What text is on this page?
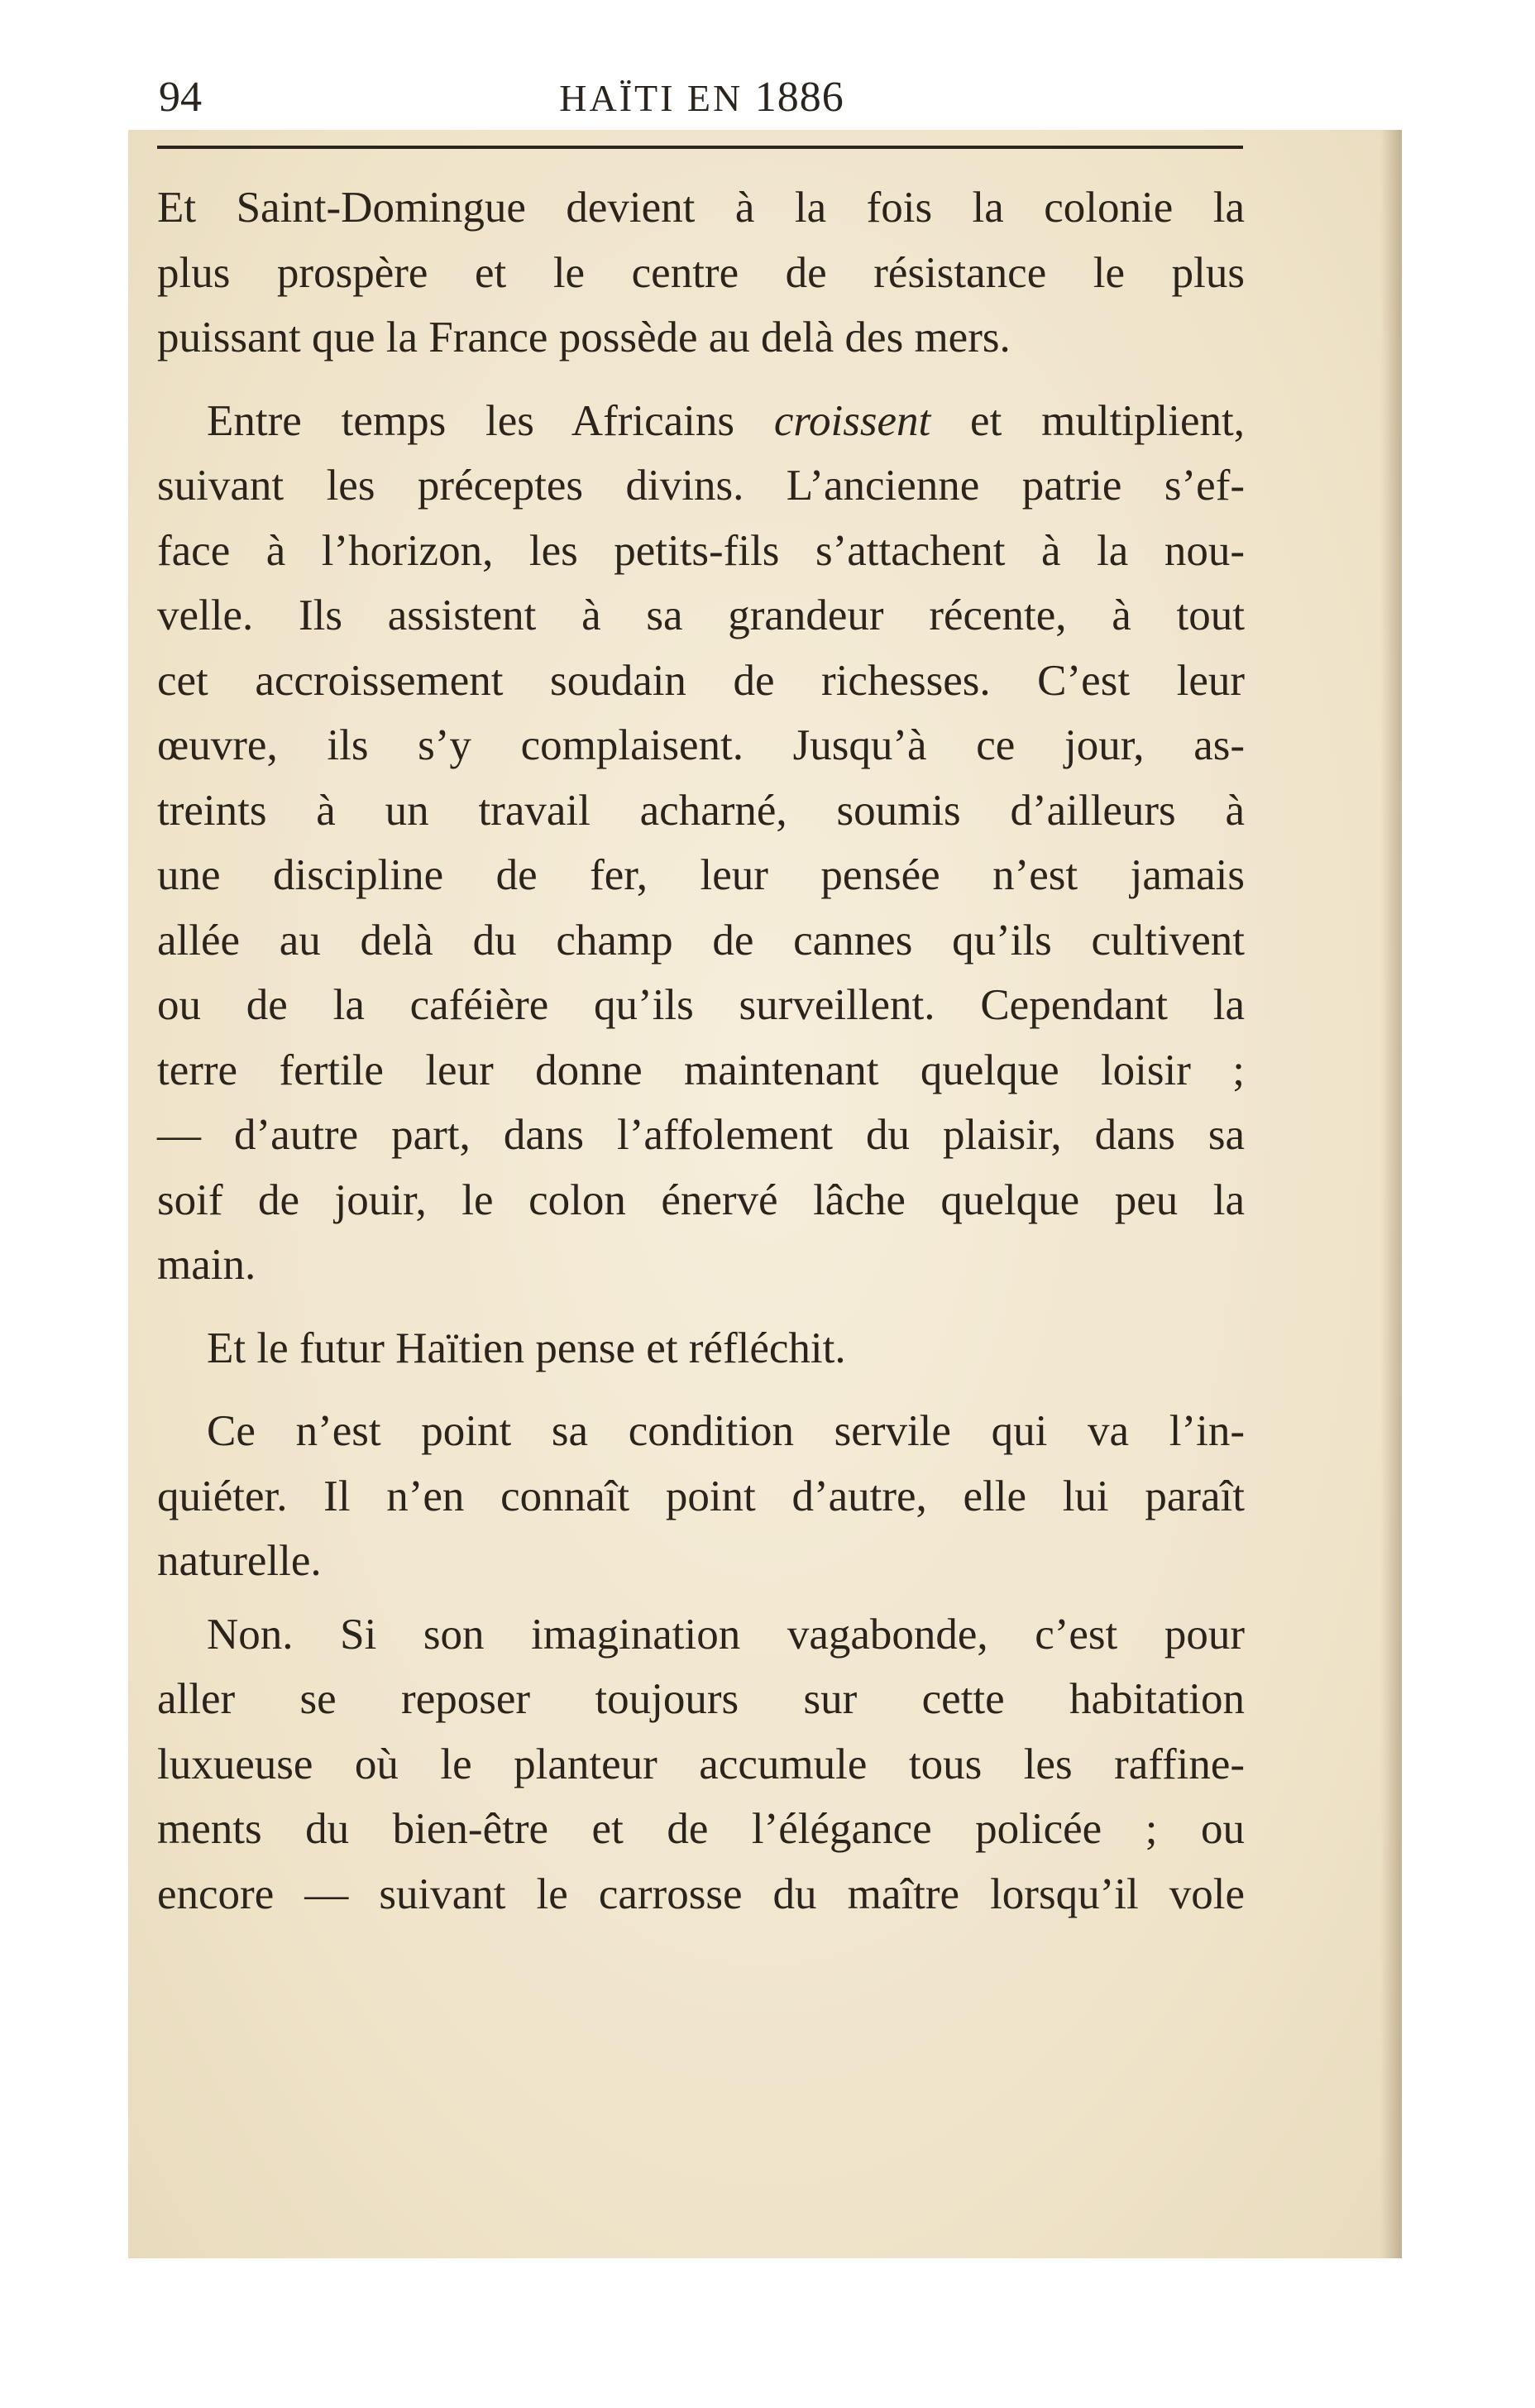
94	HAÏTI EN 1886
Et Saint-Domingue devient à la fois la colonie la
plus prospère et le centre de résistance le plus
puissant que la France possède au delà des mers.
Entre temps les Africains croissent et multiplient,
suivant les préceptes divins. L’ancienne patrie s’ef-
face à l’horizon, les petits-fils s’attachent à la nou-
velle. Ils assistent à sa grandeur récente, à tout
cet accroissement soudain de richesses. C’est leur
œuvre, ils s’y complaisent. Jusqu’à ce jour, as-
treints à un travail acharné, soumis d’ailleurs à
une discipline de fer, leur pensée n’est jamais
allée au delà du champ de cannes qu’ils cultivent
ou de la caféière qu’ils surveillent. Cependant la
terre fertile leur donne maintenant quelque loisir ;
— d’autre part, dans l’affolement du plaisir, dans sa
soif de jouir, le colon énervé lâche quelque peu la
main.
Et le futur Haïtien pense et réfléchit.
Ce n’est point sa condition servile qui va l’in-
quiéter. Il n’en connaît point d’autre, elle lui paraît
naturelle.
Non. Si son imagination vagabonde, c’est pour
aller se reposer toujours sur cette habitation
luxueuse où le planteur accumule tous les raffine-
ments du bien-être et de l’élégance policée ; ou
encore — suivant le carrosse du maître lorsqu’il vole
